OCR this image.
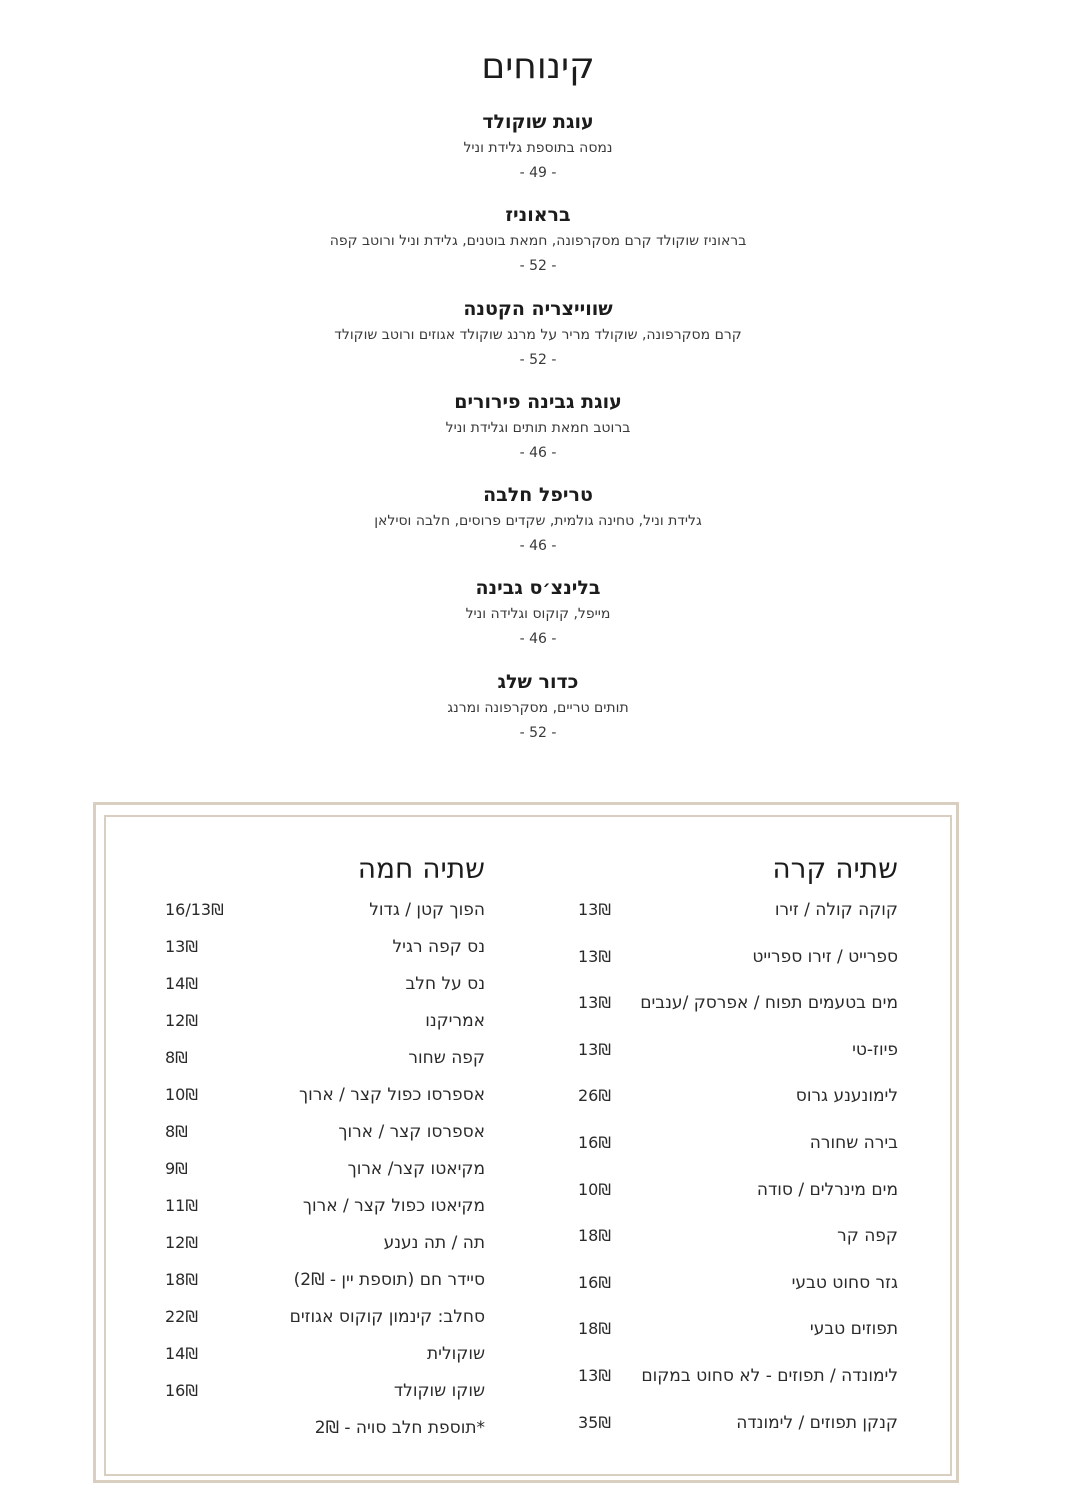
קינוחים
עוגת שוקולד
נמסה בתוספת גלידת וניל
- 49 -
בראוניז
בראוניז שוקולד קרם מסקרפונה, חמאת בוטנים, גלידת וניל ורוטב קפה
- 52 -
שווייצריה הקטנה
קרם מסקרפונה, שוקולד מריר על מרנג שוקולד אגוזים ורוטב שוקולד
- 52 -
עוגת גבינה פירורים
ברוטב חמאת תותים וגלידת וניל
- 46 -
טריפל חלבה
גלידת וניל, טחינה גולמית, שקדים פרוסים, חלבה וסילאן
- 46 -
בלינצ׳ס גבינה
מייפל, קוקוס וגלידה וניל
- 46 -
כדור שלג
תותים טריים, מסקרפונה ומרנג
- 52 -
שתיה קרה
קוקה קולה / זירו
13₪
ספרייט / זירו ספרייט
13₪
מים בטעמים תפוח / אפרסק /ענבים
13₪
פיוז-טי
13₪
לימונענע גרוס
26₪
בירה שחורה
16₪
מים מינרלים / סודה
10₪
קפה קר
18₪
גזר סחוט טבעי
16₪
תפוזים טבעי
18₪
לימונדה / תפוזים - לא סחוט במקום
13₪
קנקן תפוזים / לימונדה
35₪
שתיה חמה
הפוך קטן / גדול
16/13₪
נס קפה רגיל
13₪
נס על חלב
14₪
אמריקנו
12₪
קפה שחור
8₪
אספרסו כפול קצר / ארוך
10₪
אספרסו קצר / ארוך
8₪
מקיאטו קצר/ ארוך
9₪
מקיאטו כפול קצר / ארוך
11₪
תה / תה נענע
12₪
סיידר חם (תוספת יין - 2₪)
18₪
סחלב: קינמון קוקוס אגוזים
22₪
שוקולית
14₪
שוקו שוקולד
16₪
*תוספת חלב סויה - 2₪
